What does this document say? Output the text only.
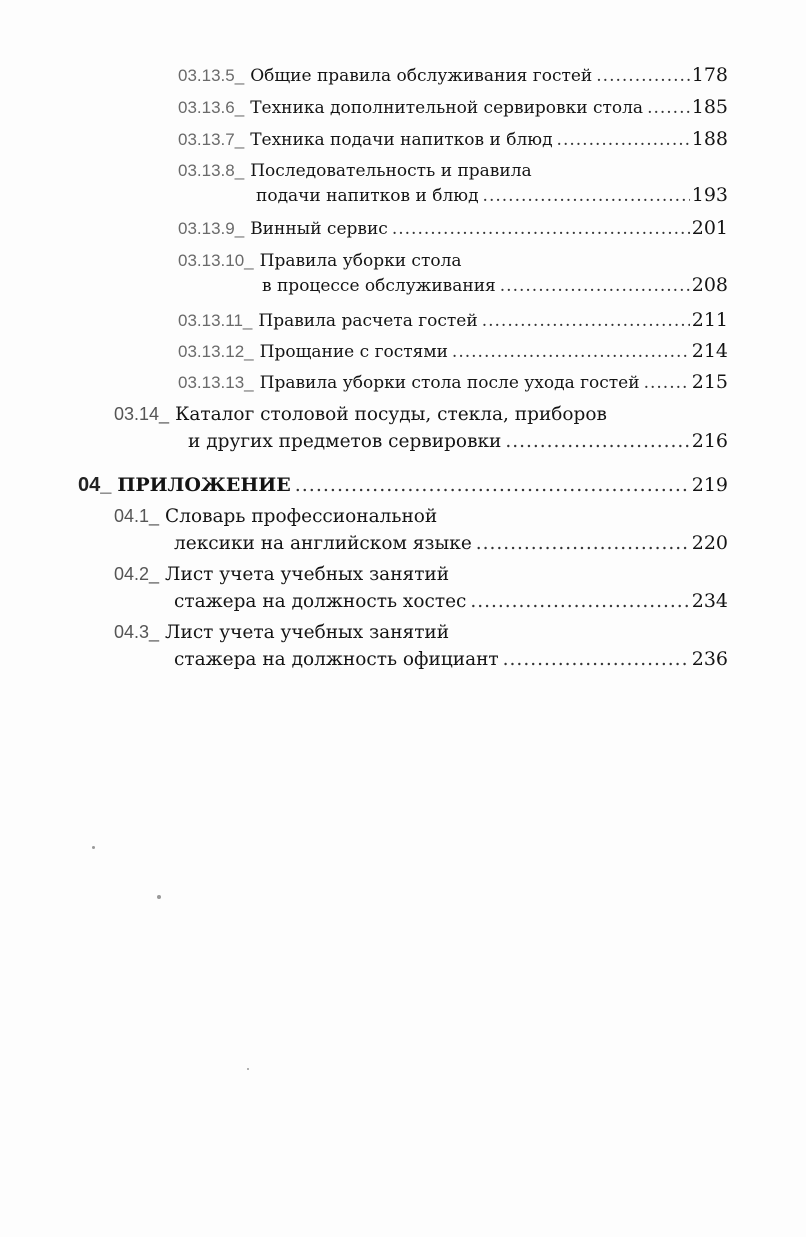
03.13.5_ Общие правила обслуживания гостей .....	178
03.13.6_ Техника дополнительной сервировки стола .....	185
03.13.7_ Техника подачи напитков и блюд .....	188
03.13.8_ Последовательность и правила
подачи напитков и блюд .....	193
03.13.9_ Винный сервис .....	201
03.13.10_ Правила уборки стола
в процессе обслуживания .....	208
03.13.11_ Правила расчета гостей .....	211
03.13.12_ Прощание с гостями .....	214
03.13.13_ Правила уборки стола после ухода гостей .....	215
03.14_ Каталог столовой посуды, стекла, приборов
и других предметов сервировки .....	216
04_ ПРИЛОЖЕНИЕ .....	219
04.1_ Словарь профессиональной
лексики на английском языке .....	220
04.2_ Лист учета учебных занятий
стажера на должность хостес .....	234
04.3_ Лист учета учебных занятий
стажера на должность официант .....	236
